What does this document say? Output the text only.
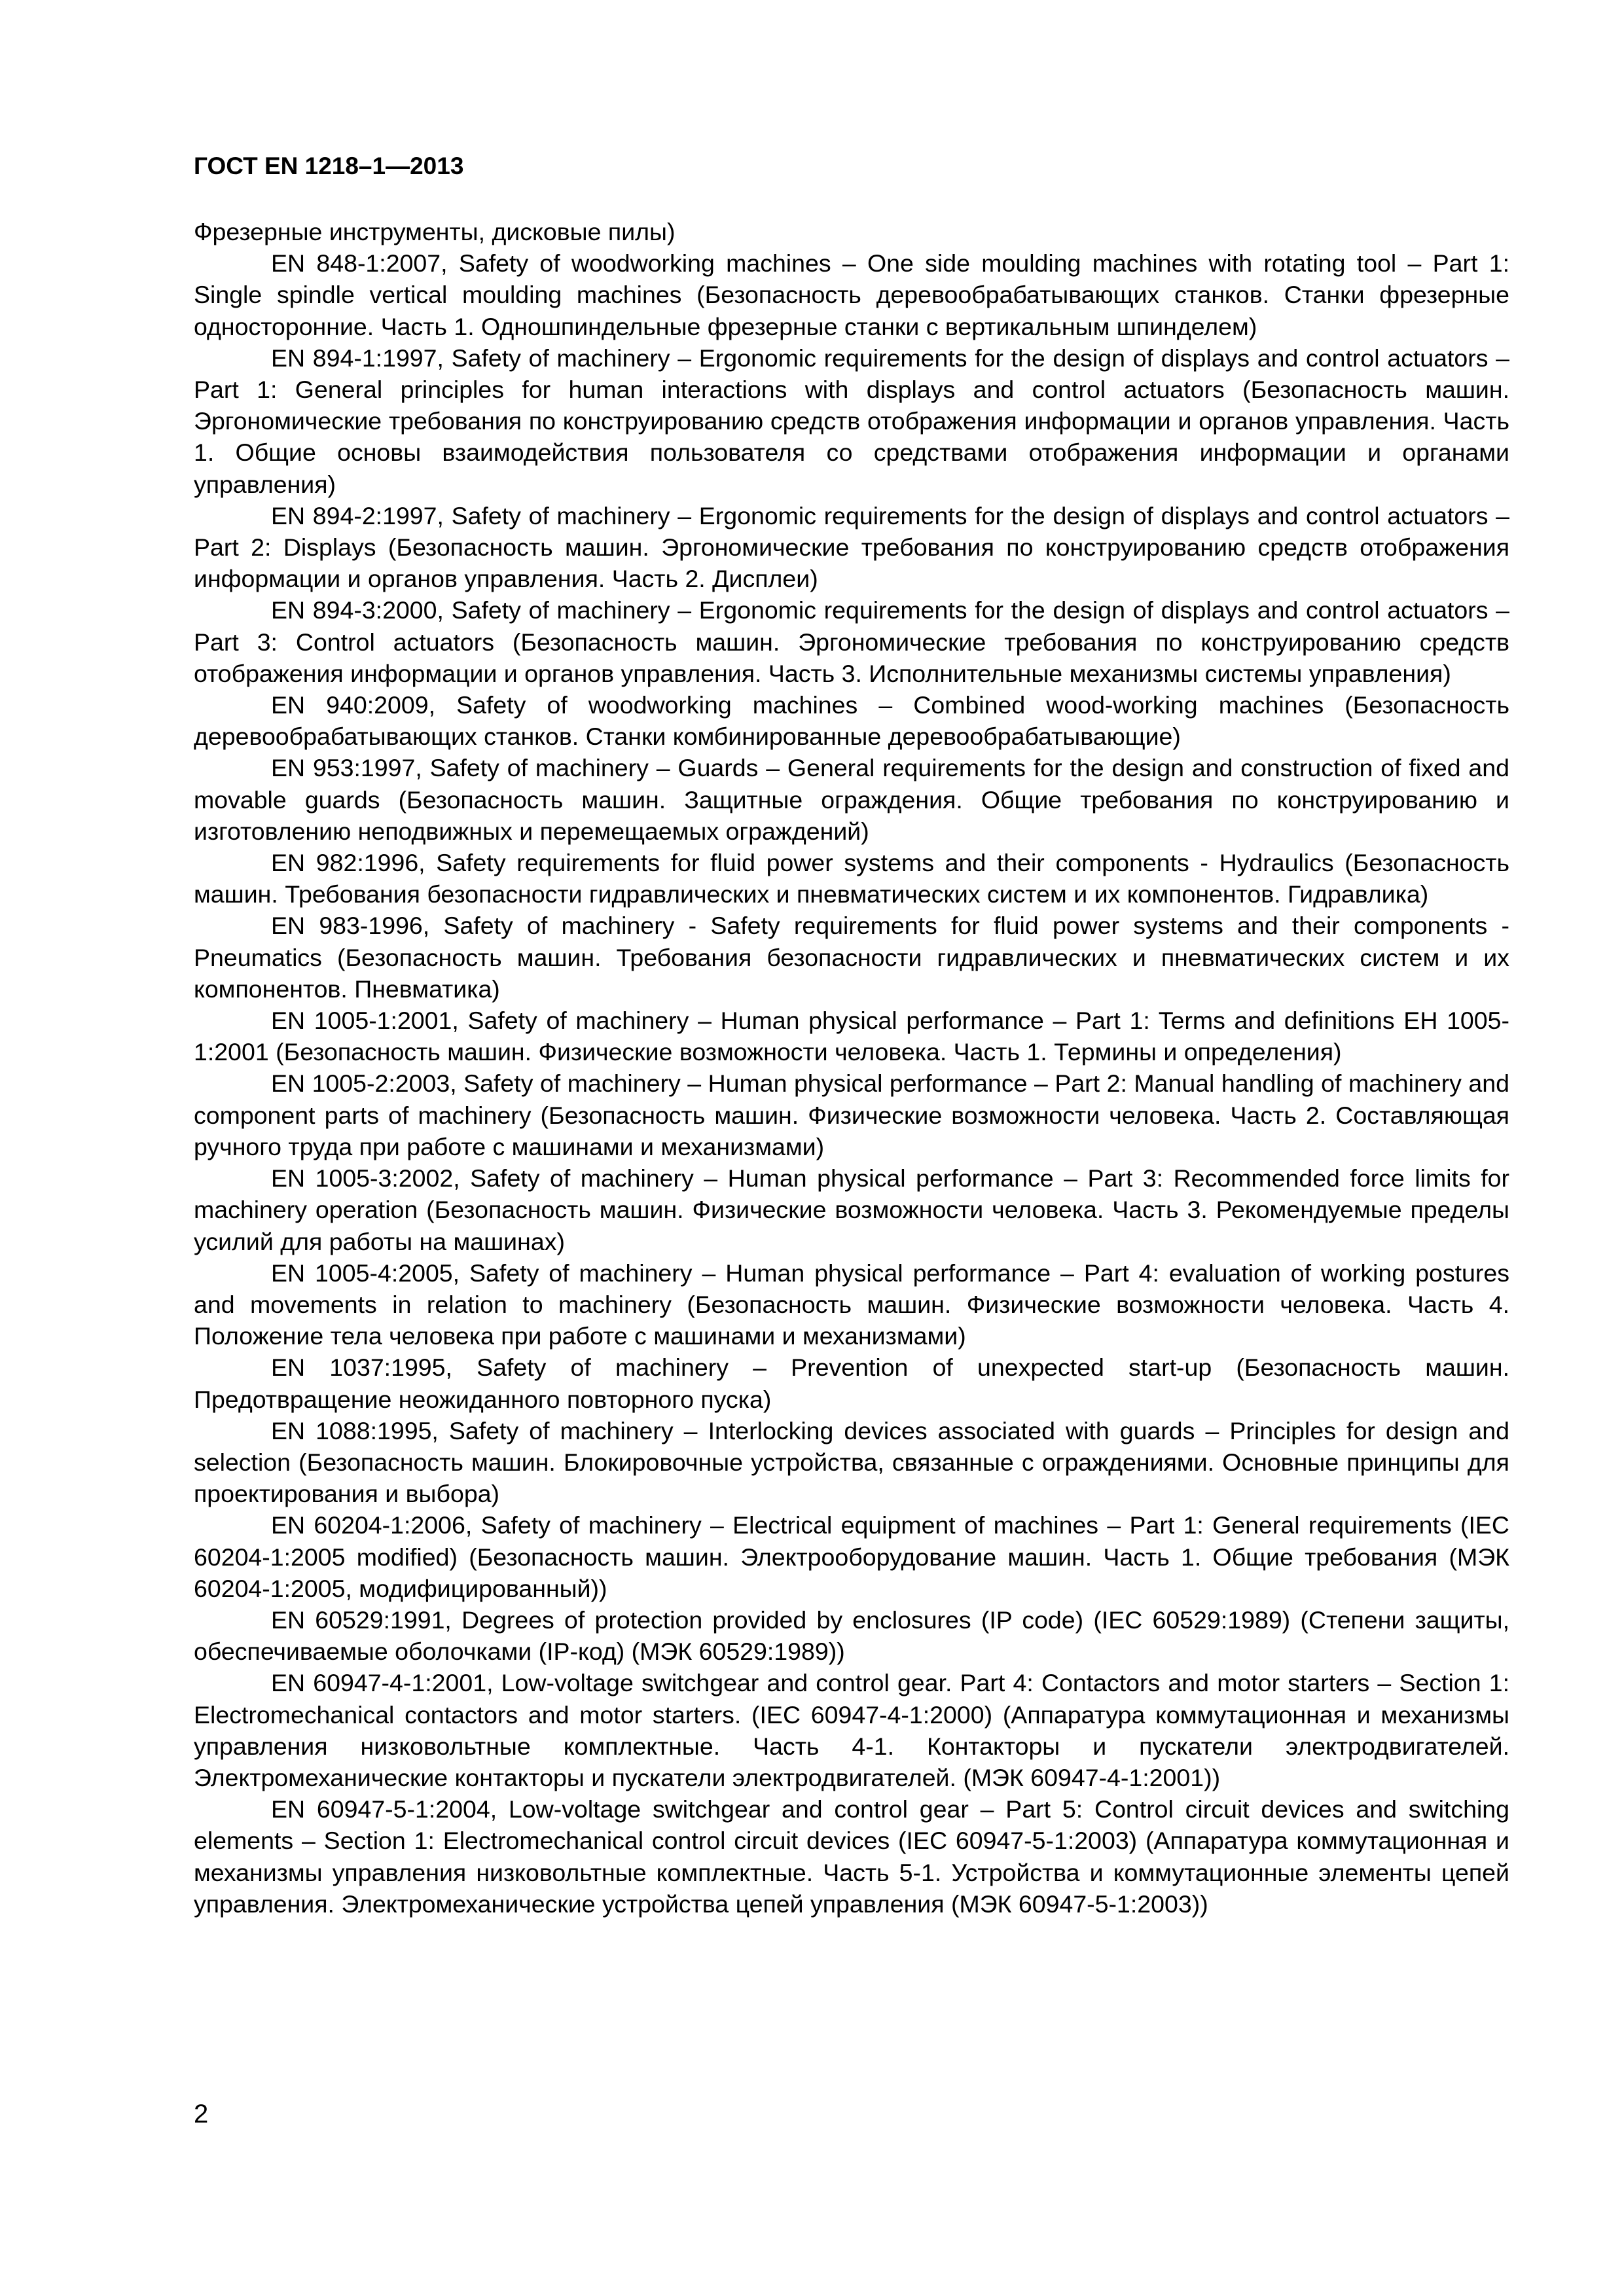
ГОСТ EN 1218–1—2013

Фрезерные инструменты, дисковые пилы)

EN 848-1:2007, Safety of woodworking machines – One side moulding machines with rotating tool – Part 1: Single spindle vertical moulding machines (Безопасность деревообрабатывающих станков. Станки фрезерные односторонние. Часть 1. Одношпиндельные фрезерные станки с вертикальным шпинделем)

EN 894-1:1997, Safety of machinery – Ergonomic requirements for the design of displays and control actuators – Part 1: General principles for human interactions with displays and control actuators (Безопасность машин. Эргономические требования по конструированию средств отображения информации и органов управления. Часть 1. Общие основы взаимодействия пользователя со средствами отображения информации и органами управления)

EN 894-2:1997, Safety of machinery – Ergonomic requirements for the design of displays and control actuators – Part 2: Displays (Безопасность машин. Эргономические требования по конструированию средств отображения информации и органов управления. Часть 2. Дисплеи)

EN 894-3:2000, Safety of machinery – Ergonomic requirements for the design of displays and control actuators – Part 3: Control actuators (Безопасность машин. Эргономические требования по конструированию средств отображения информации и органов управления. Часть 3. Исполнительные механизмы системы управления)

EN 940:2009, Safety of woodworking machines – Combined wood-working machines (Безопасность деревообрабатывающих станков. Станки комбинированные деревообрабатывающие)

EN 953:1997, Safety of machinery – Guards – General requirements for the design and construction of fixed and movable guards (Безопасность машин. Защитные ограждения. Общие требования по конструированию и изготовлению неподвижных и перемещаемых ограждений)

EN 982:1996, Safety requirements for fluid power systems and their components - Hydraulics (Безопасность машин. Требования безопасности гидравлических и пневматических систем и их компонентов. Гидравлика)

EN 983-1996, Safety of machinery - Safety requirements for fluid power systems and their components - Pneumatics (Безопасность машин. Требования безопасности гидравлических и пневматических систем и их компонентов. Пневматика)

EN 1005-1:2001, Safety of machinery – Human physical performance – Part 1: Terms and definitions ЕН 1005-1:2001 (Безопасность машин. Физические возможности человека. Часть 1. Термины и определения)

EN 1005-2:2003, Safety of machinery – Human physical performance – Part 2: Manual handling of machinery and component parts of machinery (Безопасность машин. Физические возможности человека. Часть 2. Составляющая ручного труда при работе с машинами и механизмами)

EN 1005-3:2002, Safety of machinery – Human physical performance – Part 3: Recommended force limits for machinery operation (Безопасность машин. Физические возможности человека. Часть 3. Рекомендуемые пределы усилий для работы на машинах)

EN 1005-4:2005, Safety of machinery – Human physical performance – Part 4: evaluation of working postures and movements in relation to machinery (Безопасность машин. Физические возможности человека. Часть 4. Положение тела человека при работе с машинами и механизмами)

EN 1037:1995, Safety of machinery – Prevention of unexpected start-up (Безопасность машин. Предотвращение неожиданного повторного пуска)

EN 1088:1995, Safety of machinery – Interlocking devices associated with guards – Principles for design and selection (Безопасность машин. Блокировочные устройства, связанные с ограждениями. Основные принципы для проектирования и выбора)

EN 60204-1:2006, Safety of machinery – Electrical equipment of machines – Part 1: General requirements (IEC 60204-1:2005 modified) (Безопасность машин. Электрооборудование машин. Часть 1. Общие требования (МЭК 60204-1:2005, модифицированный))

EN 60529:1991, Degrees of protection provided by enclosures (IP code) (IEC 60529:1989) (Степени защиты, обеспечиваемые оболочками (IP-код) (МЭК 60529:1989))

EN 60947-4-1:2001, Low-voltage switchgear and control gear. Part 4: Contactors and motor starters – Section 1: Electromechanical contactors and motor starters. (IEC 60947-4-1:2000) (Аппаратура коммутационная и механизмы управления низковольтные комплектные. Часть 4-1. Контакторы и пускатели электродвигателей. Электромеханические контакторы и пускатели электродвигателей. (МЭК 60947-4-1:2001))

EN 60947-5-1:2004, Low-voltage switchgear and control gear – Part 5: Control circuit devices and switching elements – Section 1: Electromechanical control circuit devices (IEC 60947-5-1:2003) (Аппаратура коммутационная и механизмы управления низковольтные комплектные. Часть 5-1. Устройства и коммутационные элементы цепей управления. Электромеханические устройства цепей управления (МЭК 60947-5-1:2003))

2
